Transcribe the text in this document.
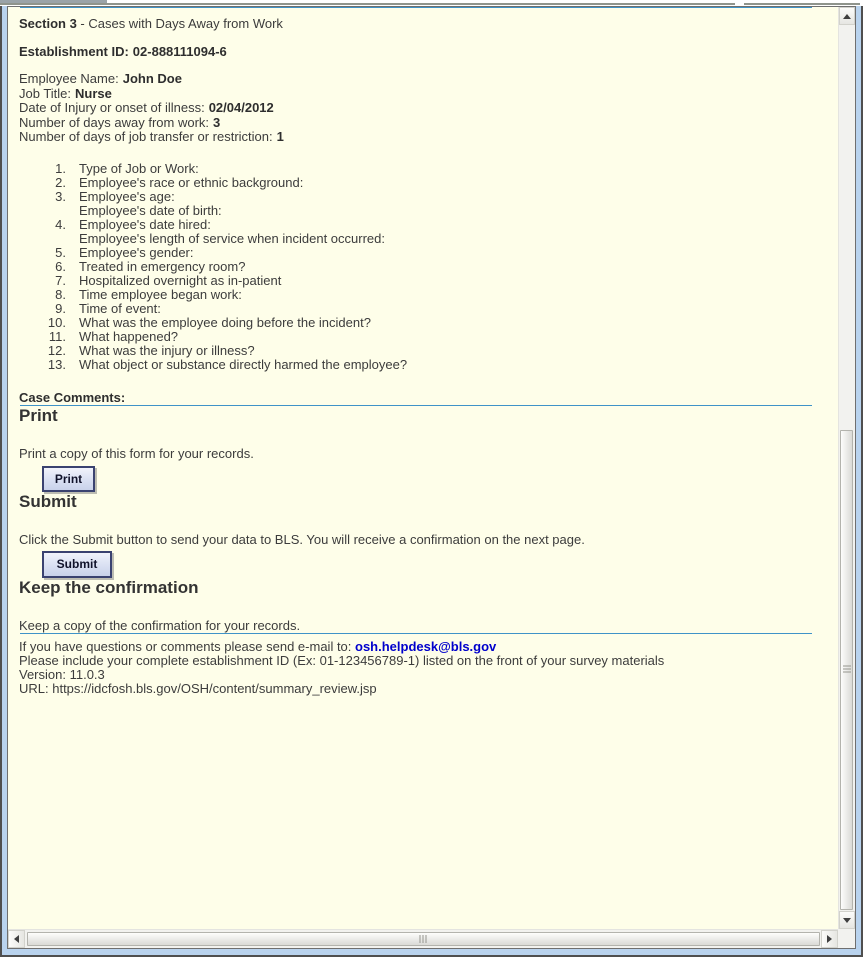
Section 3 - Cases with Days Away from Work
Establishment ID: 02-888111094-6
Employee Name: John Doe
Job Title: Nurse
Date of Injury or onset of illness: 02/04/2012
Number of days away from work: 3
Number of days of job transfer or restriction: 1
1. Type of Job or Work:
2. Employee's race or ethnic background:
3. Employee's age:
Employee's date of birth:
4. Employee's date hired:
Employee's length of service when incident occurred:
5. Employee's gender:
6. Treated in emergency room?
7. Hospitalized overnight as in-patient
8. Time employee began work:
9. Time of event:
10. What was the employee doing before the incident?
11. What happened?
12. What was the injury or illness?
13. What object or substance directly harmed the employee?
Case Comments:
Print
Print a copy of this form for your records.
Print
Submit
Click the Submit button to send your data to BLS. You will receive a confirmation on the next page.
Submit
Keep the confirmation
Keep a copy of the confirmation for your records.
If you have questions or comments please send e-mail to: osh.helpdesk@bls.gov
Please include your complete establishment ID (Ex: 01-123456789-1) listed on the front of your survey materials
Version: 11.0.3
URL: https://idcfosh.bls.gov/OSH/content/summary_review.jsp
